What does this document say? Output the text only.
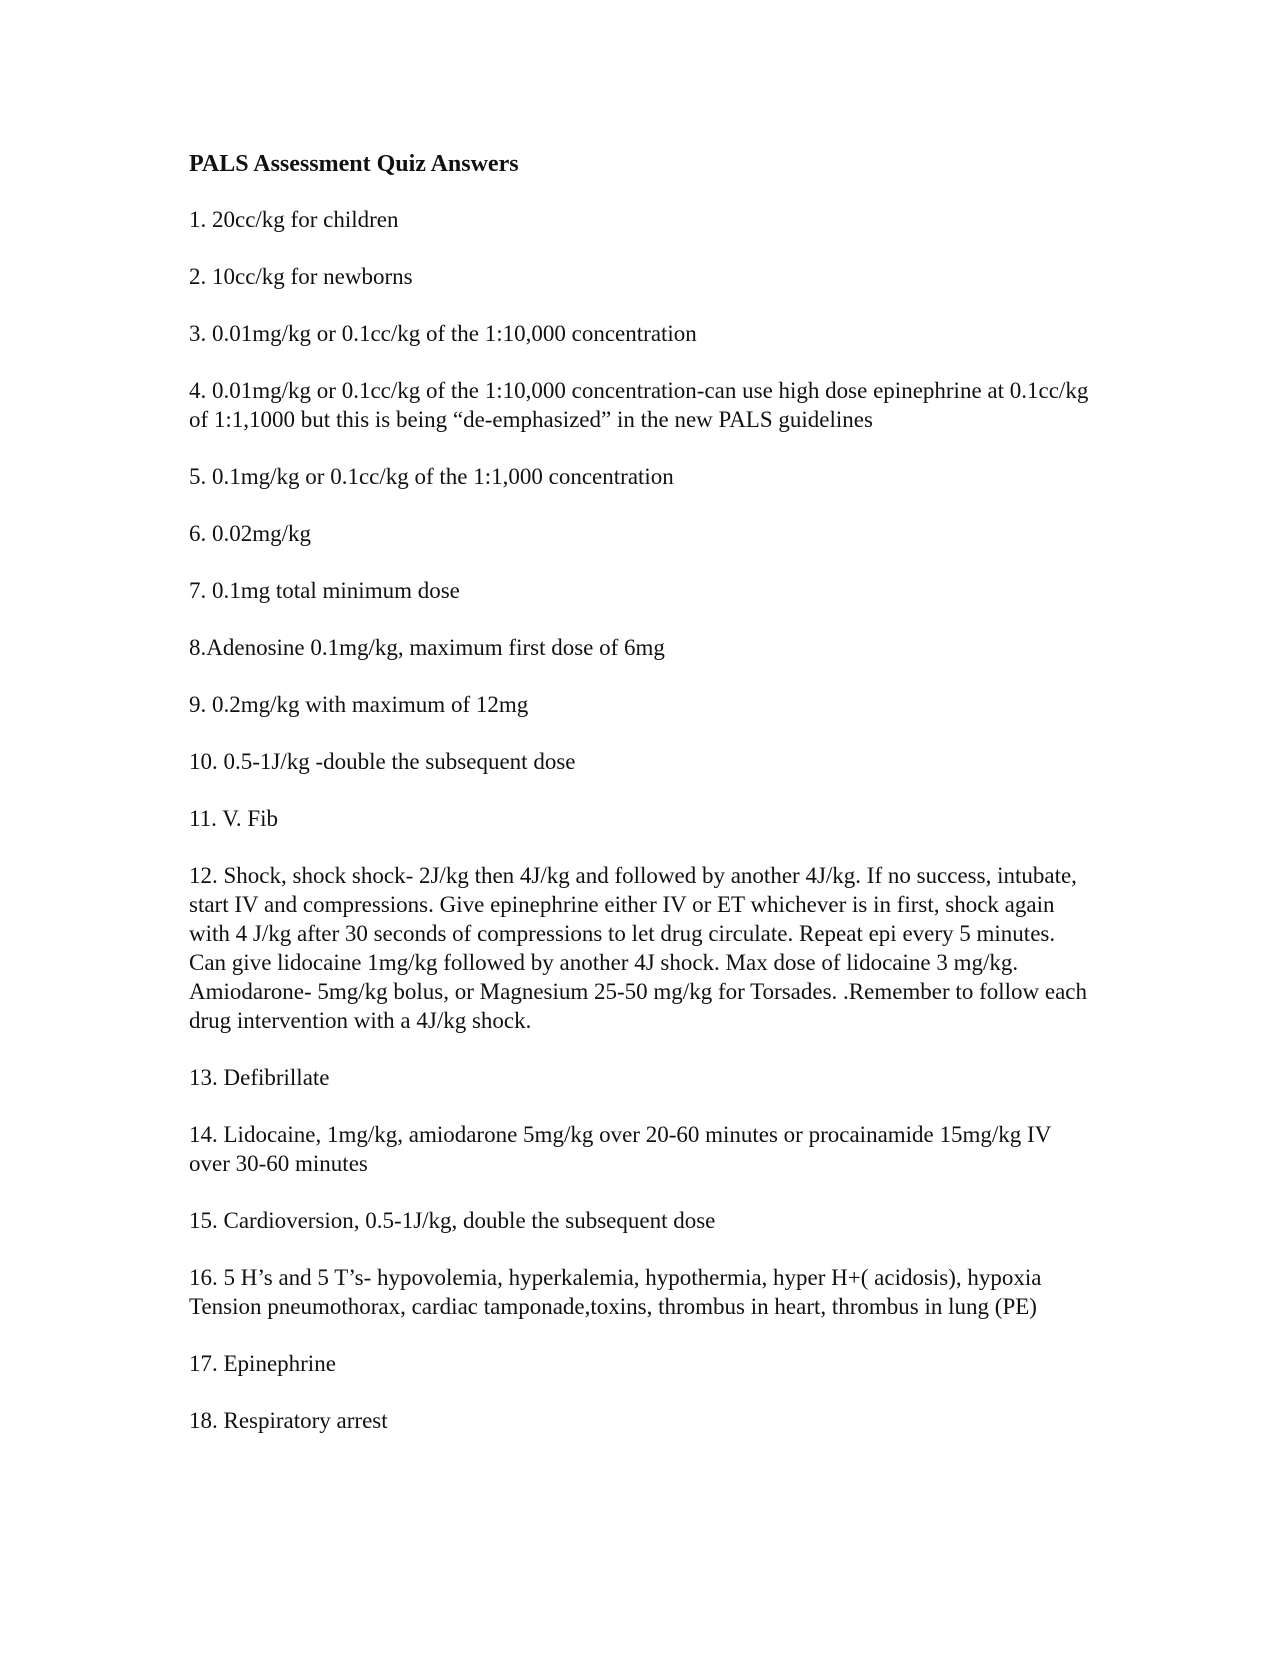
PALS Assessment Quiz Answers
1. 20cc/kg for children
2. 10cc/kg for newborns
3. 0.01mg/kg or 0.1cc/kg of the 1:10,000 concentration
4. 0.01mg/kg or 0.1cc/kg of the 1:10,000 concentration-can use high dose epinephrine at 0.1cc/kg of 1:1,1000 but this is being “de-emphasized” in the new PALS guidelines
5. 0.1mg/kg or 0.1cc/kg of the 1:1,000 concentration
6. 0.02mg/kg
7. 0.1mg total minimum dose
8.Adenosine 0.1mg/kg, maximum first dose of 6mg
9. 0.2mg/kg with maximum of 12mg
10. 0.5-1J/kg -double the subsequent dose
11. V. Fib
12. Shock, shock shock- 2J/kg then 4J/kg and followed by another 4J/kg. If no success, intubate, start IV and compressions. Give epinephrine either IV or ET whichever is in first, shock again with 4 J/kg after 30 seconds of compressions to let drug circulate. Repeat epi every 5 minutes. Can give lidocaine 1mg/kg followed by another 4J shock. Max dose of lidocaine 3 mg/kg. Amiodarone- 5mg/kg bolus, or Magnesium 25-50 mg/kg for Torsades. .Remember to follow each drug intervention with a 4J/kg shock.
13. Defibrillate
14. Lidocaine, 1mg/kg, amiodarone 5mg/kg over 20-60 minutes or procainamide 15mg/kg IV over 30-60 minutes
15. Cardioversion, 0.5-1J/kg, double the subsequent dose
16. 5 H’s and 5 T’s- hypovolemia, hyperkalemia, hypothermia, hyper H+( acidosis), hypoxia Tension pneumothorax, cardiac tamponade,toxins, thrombus in heart, thrombus in lung (PE)
17. Epinephrine
18. Respiratory arrest
